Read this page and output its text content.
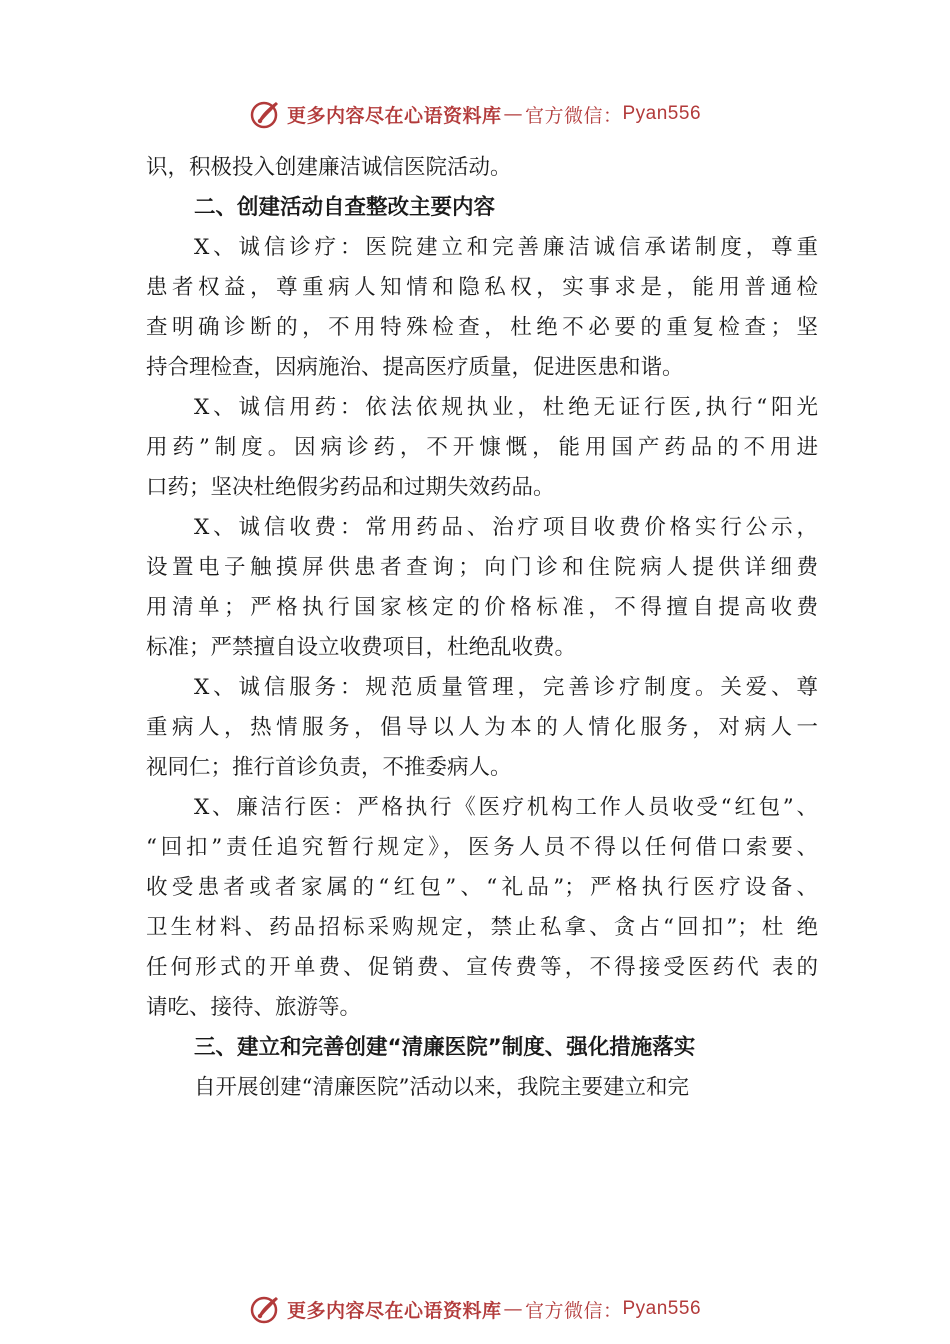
更多内容尽在心语资料库 — 官方微信： Pyan556
识，积极投入创建廉洁诚信医院活动。
二、创建活动自查整改主要内容
X、诚信诊疗：医院建立和完善廉洁诚信承诺制度，尊重
患者权益，尊重病人知情和隐私权，实事求是，能用普通检
查明确诊断的，不用特殊检查，杜绝不必要的重复检查；坚
持合理检查，因病施治、提高医疗质量，促进医患和谐。
X、诚信用药：依法依规执业，杜绝无证行医,执行“阳光
用药”制度。因病诊药，不开慷慨，能用国产药品的不用进
口药；坚决杜绝假劣药品和过期失效药品。
X、诚信收费：常用药品、治疗项目收费价格实行公示，
设置电子触摸屏供患者查询；向门诊和住院病人提供详细费
用清单；严格执行国家核定的价格标准，不得擅自提高收费
标准；严禁擅自设立收费项目，杜绝乱收费。
X、诚信服务：规范质量管理，完善诊疗制度。关爱、尊
重病人，热情服务，倡导以人为本的人情化服务，对病人一
视同仁；推行首诊负责，不推委病人。
X、廉洁行医：严格执行《医疗机构工作人员收受“红包”、
“回扣”责任追究暂行规定》，医务人员不得以任何借口索要、
收受患者或者家属的“红包”、“礼品”；严格执行医疗设备、
卫生材料、药品招标采购规定，禁止私拿、贪占“回扣”；杜 绝
任何形式的开单费、促销费、宣传费等，不得接受医药代 表的
请吃、接待、旅游等。
三、建立和完善创建“清廉医院”制度、强化措施落实
自开展创建“清廉医院”活动以来，我院主要建立和完
更多内容尽在心语资料库 — 官方微信： Pyan556
